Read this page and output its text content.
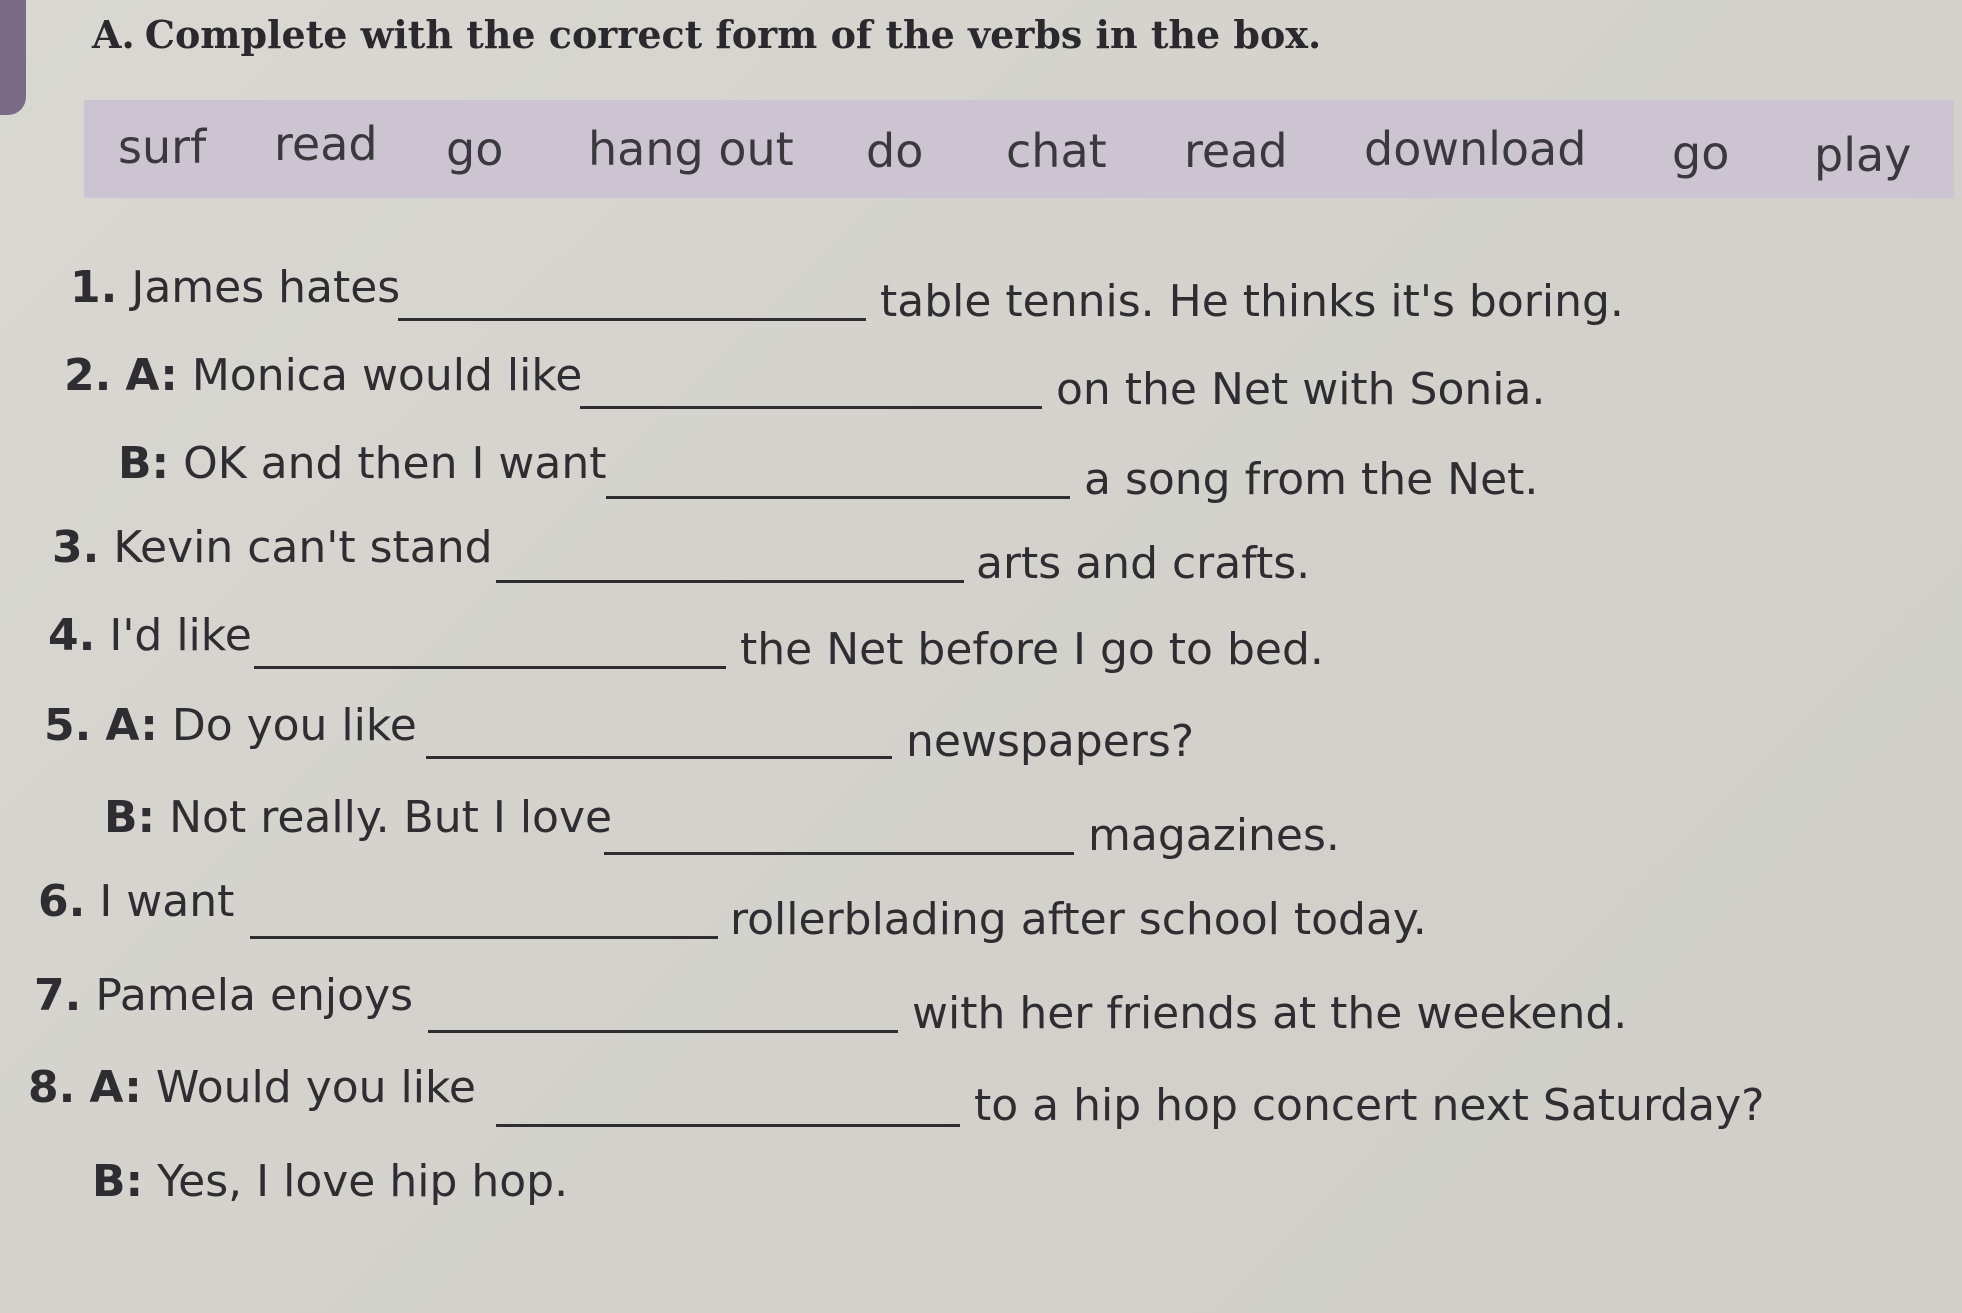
A. Complete with the correct form of the verbs in the box.
surf read go hang out do chat read download go play
1. James hates	table tennis. He thinks it's boring.
2. A: Monica would like	on the Net with Sonia.
B: OK and then I want	a song from the Net.
3. Kevin can't stand	arts and crafts.
4. I'd like	the Net before I go to bed.
5. A: Do you like	newspapers?
B: Not really. But I love	magazines.
6. I want	rollerblading after school today.
7. Pamela enjoys	with her friends at the weekend.
8. A: Would you like	to a hip hop concert next Saturday?
B: Yes, I love hip hop.
